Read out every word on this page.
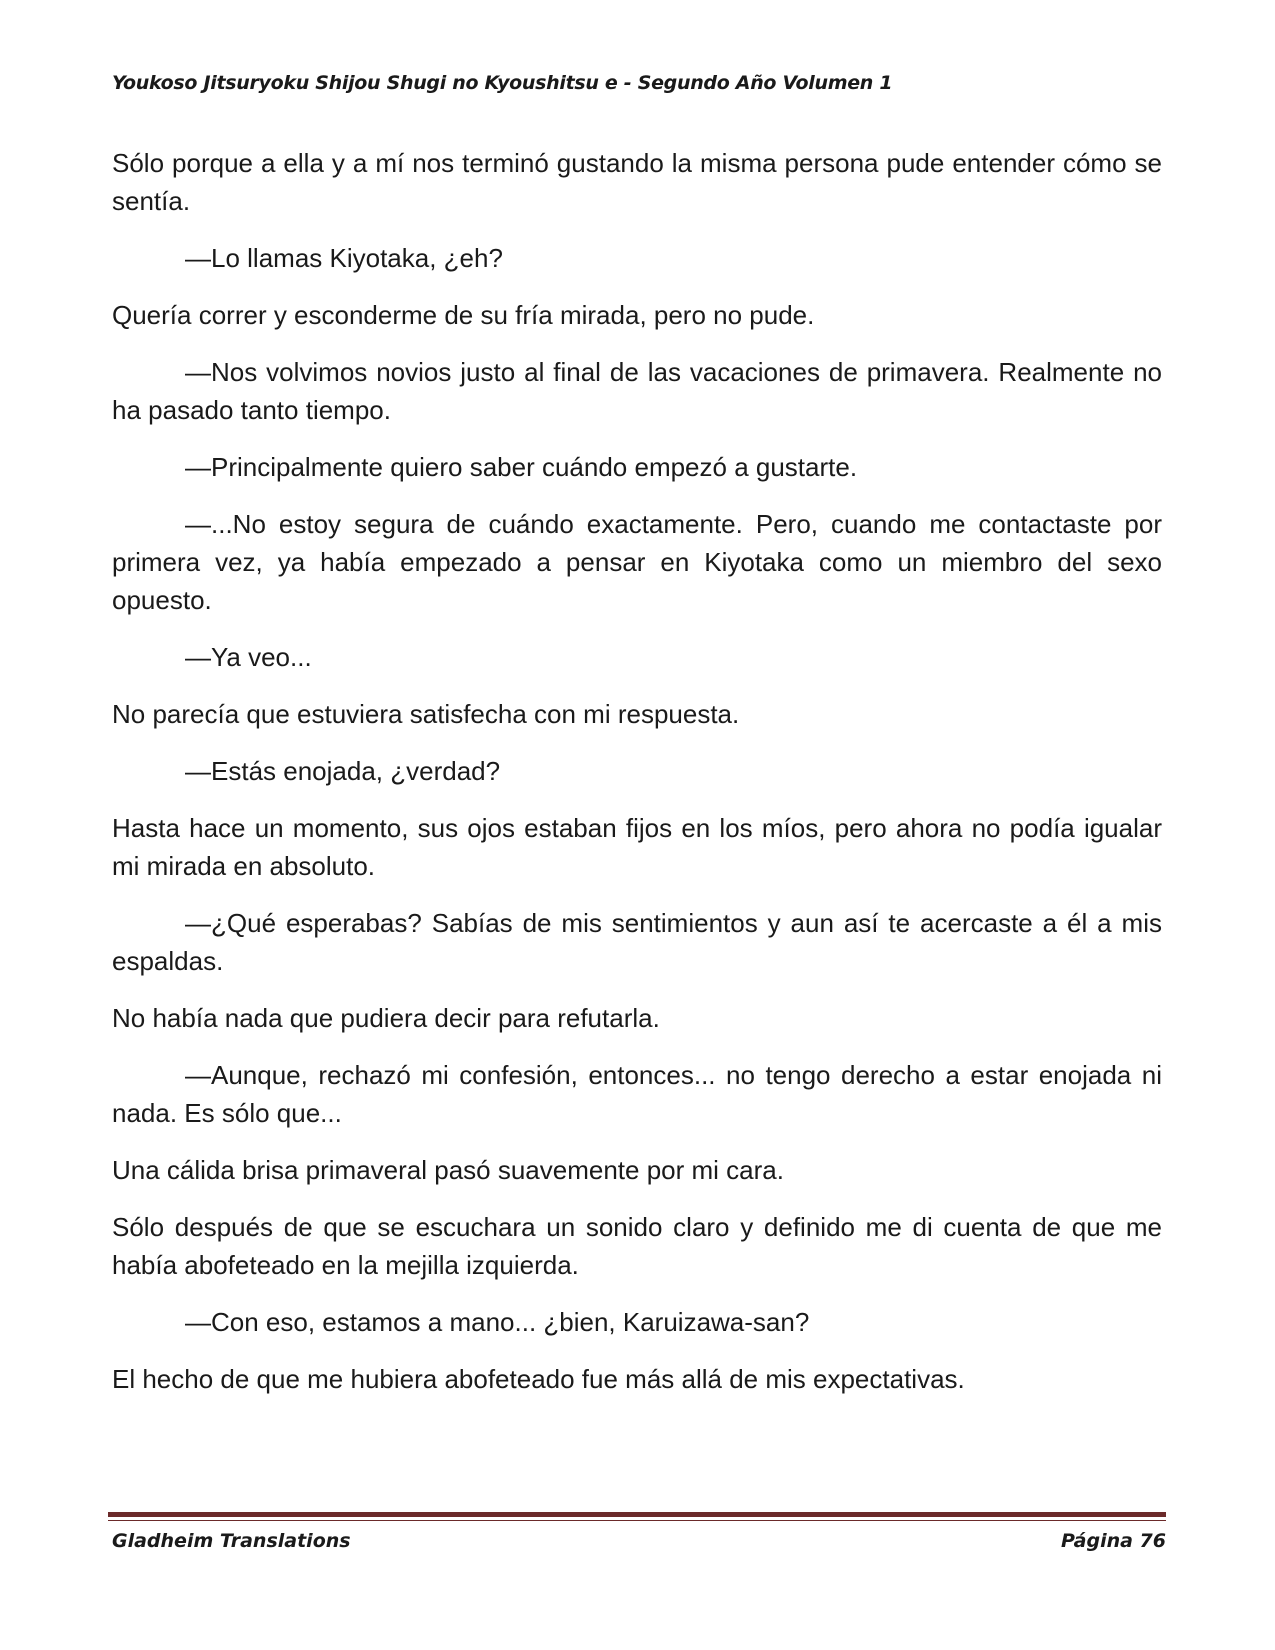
Youkoso Jitsuryoku Shijou Shugi no Kyoushitsu e - Segundo Año Volumen 1

Sólo porque a ella y a mí nos terminó gustando la misma persona pude entender cómo se sentía.

—Lo llamas Kiyotaka, ¿eh?

Quería correr y esconderme de su fría mirada, pero no pude.

—Nos volvimos novios justo al final de las vacaciones de primavera. Realmente no ha pasado tanto tiempo.

—Principalmente quiero saber cuándo empezó a gustarte.

—...No estoy segura de cuándo exactamente. Pero, cuando me contactaste por primera vez, ya había empezado a pensar en Kiyotaka como un miembro del sexo opuesto.

—Ya veo...

No parecía que estuviera satisfecha con mi respuesta.

—Estás enojada, ¿verdad?

Hasta hace un momento, sus ojos estaban fijos en los míos, pero ahora no podía igualar mi mirada en absoluto.

—¿Qué esperabas? Sabías de mis sentimientos y aun así te acercaste a él a mis espaldas.

No había nada que pudiera decir para refutarla.

—Aunque, rechazó mi confesión, entonces... no tengo derecho a estar enojada ni nada. Es sólo que...

Una cálida brisa primaveral pasó suavemente por mi cara.

Sólo después de que se escuchara un sonido claro y definido me di cuenta de que me había abofeteado en la mejilla izquierda.

—Con eso, estamos a mano... ¿bien, Karuizawa-san?

El hecho de que me hubiera abofeteado fue más allá de mis expectativas.

Gladheim Translations	Página 76
